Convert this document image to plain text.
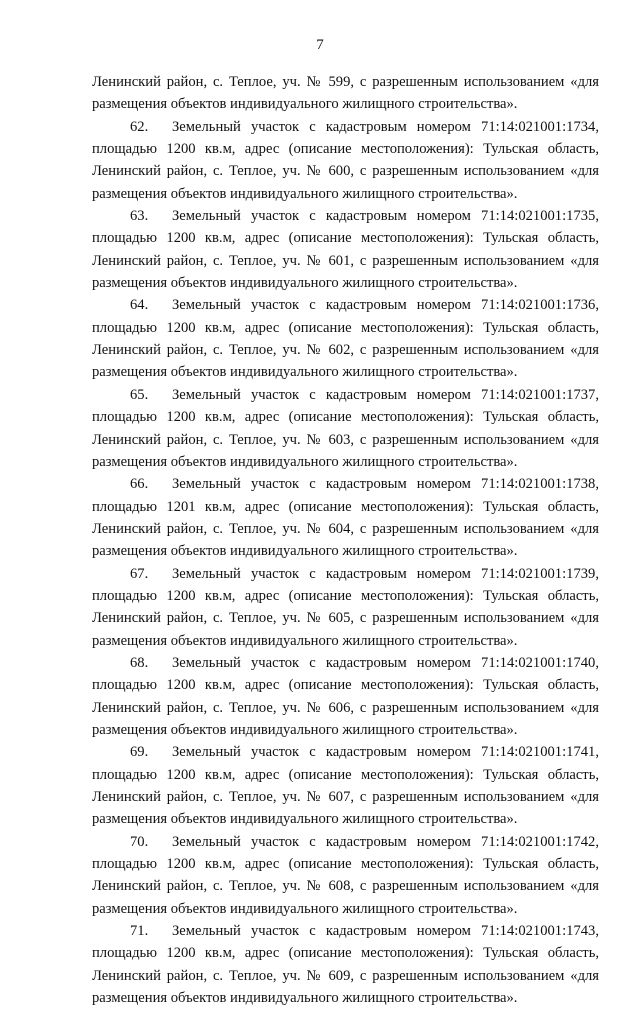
7
Ленинский район, с. Теплое, уч. № 599, с разрешенным использованием «для
размещения объектов индивидуального жилищного строительства».
62. Земельный участок с кадастровым номером 71:14:021001:1734,
площадью 1200 кв.м, адрес (описание местоположения): Тульская область,
Ленинский район, с. Теплое, уч. № 600, с разрешенным использованием «для
размещения объектов индивидуального жилищного строительства».
63. Земельный участок с кадастровым номером 71:14:021001:1735,
площадью 1200 кв.м, адрес (описание местоположения): Тульская область,
Ленинский район, с. Теплое, уч. № 601, с разрешенным использованием «для
размещения объектов индивидуального жилищного строительства».
64. Земельный участок с кадастровым номером 71:14:021001:1736,
площадью 1200 кв.м, адрес (описание местоположения): Тульская область,
Ленинский район, с. Теплое, уч. № 602, с разрешенным использованием «для
размещения объектов индивидуального жилищного строительства».
65. Земельный участок с кадастровым номером 71:14:021001:1737,
площадью 1200 кв.м, адрес (описание местоположения): Тульская область,
Ленинский район, с. Теплое, уч. № 603, с разрешенным использованием «для
размещения объектов индивидуального жилищного строительства».
66. Земельный участок с кадастровым номером 71:14:021001:1738,
площадью 1201 кв.м, адрес (описание местоположения): Тульская область,
Ленинский район, с. Теплое, уч. № 604, с разрешенным использованием «для
размещения объектов индивидуального жилищного строительства».
67. Земельный участок с кадастровым номером 71:14:021001:1739,
площадью 1200 кв.м, адрес (описание местоположения): Тульская область,
Ленинский район, с. Теплое, уч. № 605, с разрешенным использованием «для
размещения объектов индивидуального жилищного строительства».
68. Земельный участок с кадастровым номером 71:14:021001:1740,
площадью 1200 кв.м, адрес (описание местоположения): Тульская область,
Ленинский район, с. Теплое, уч. № 606, с разрешенным использованием «для
размещения объектов индивидуального жилищного строительства».
69. Земельный участок с кадастровым номером 71:14:021001:1741,
площадью 1200 кв.м, адрес (описание местоположения): Тульская область,
Ленинский район, с. Теплое, уч. № 607, с разрешенным использованием «для
размещения объектов индивидуального жилищного строительства».
70. Земельный участок с кадастровым номером 71:14:021001:1742,
площадью 1200 кв.м, адрес (описание местоположения): Тульская область,
Ленинский район, с. Теплое, уч. № 608, с разрешенным использованием «для
размещения объектов индивидуального жилищного строительства».
71. Земельный участок с кадастровым номером 71:14:021001:1743,
площадью 1200 кв.м, адрес (описание местоположения): Тульская область,
Ленинский район, с. Теплое, уч. № 609, с разрешенным использованием «для
размещения объектов индивидуального жилищного строительства».
